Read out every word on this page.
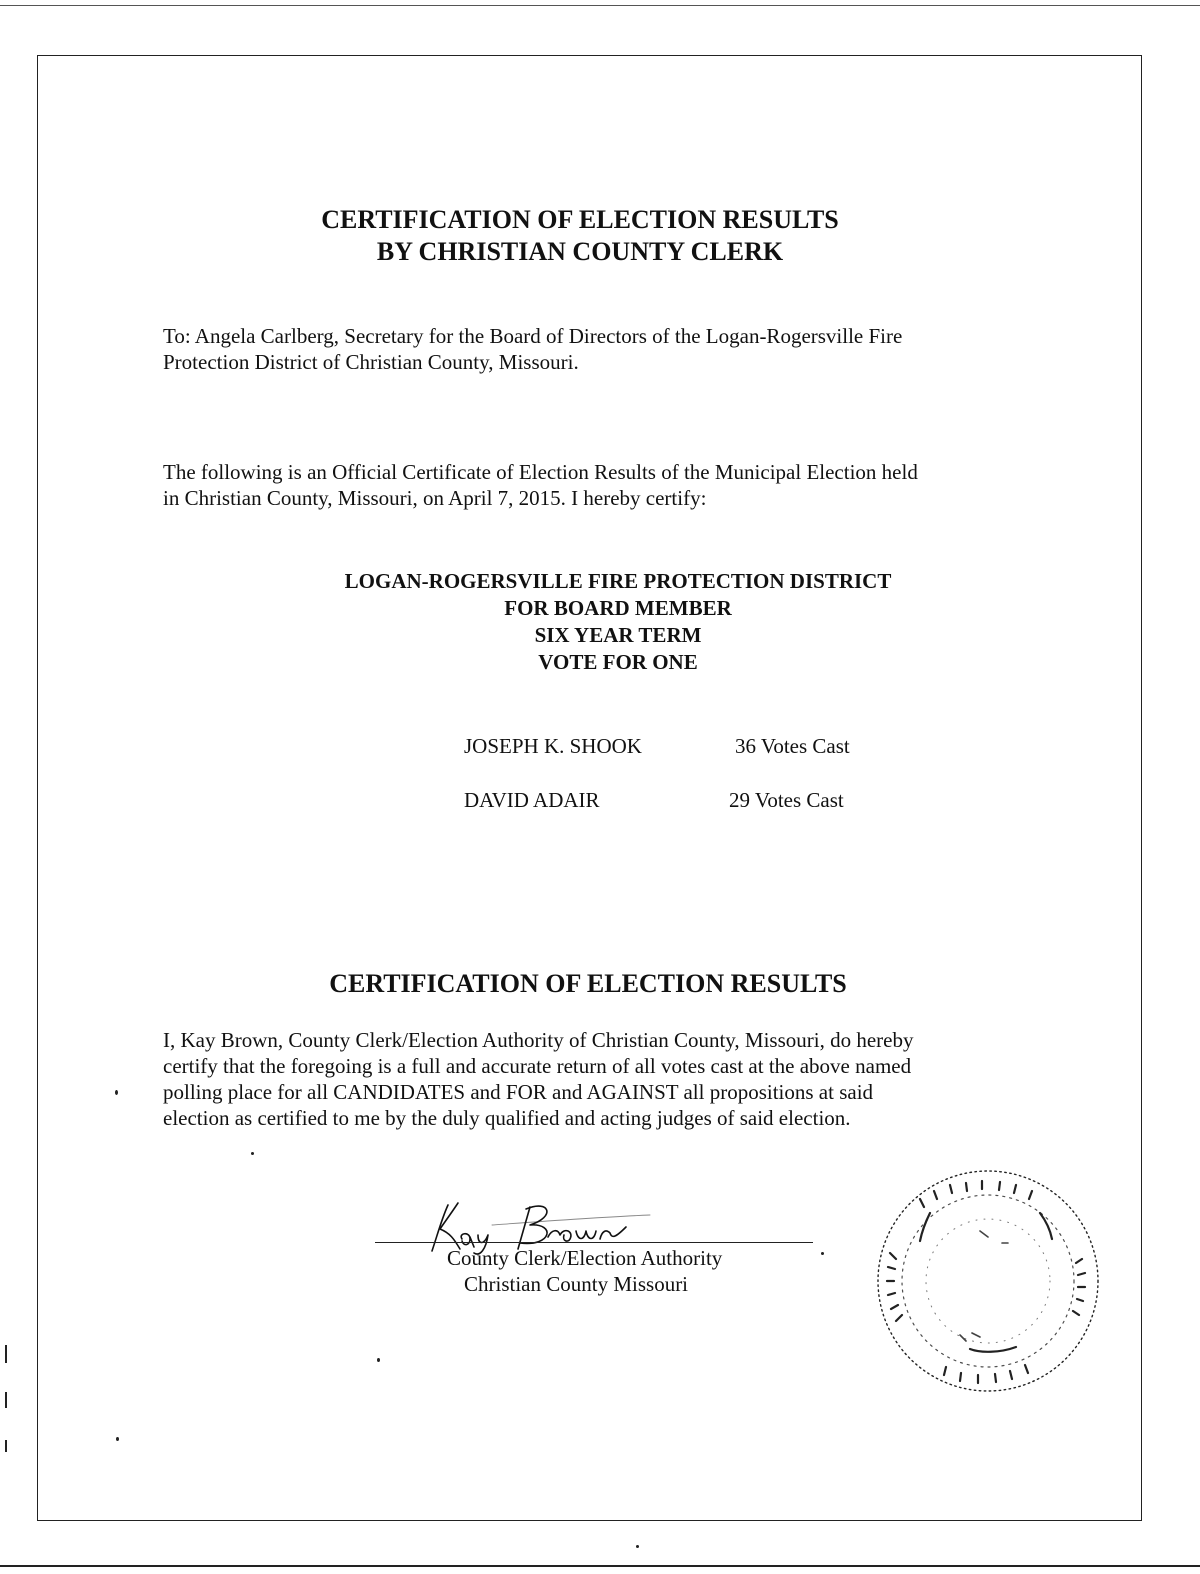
CERTIFICATION OF ELECTION RESULTS
BY CHRISTIAN COUNTY CLERK
To: Angela Carlberg, Secretary for the Board of Directors of the Logan-Rogersville Fire
Protection District of Christian County, Missouri.
The following is an Official Certificate of Election Results of the Municipal Election held
in Christian County, Missouri, on April 7, 2015. I hereby certify:
LOGAN-ROGERSVILLE FIRE PROTECTION DISTRICT
FOR BOARD MEMBER
SIX YEAR TERM
VOTE FOR ONE
JOSEPH K. SHOOK	36 Votes Cast
DAVID ADAIR	29 Votes Cast
CERTIFICATION OF ELECTION RESULTS
I, Kay Brown, County Clerk/Election Authority of Christian County, Missouri, do hereby
certify that the foregoing is a full and accurate return of all votes cast at the above named
polling place for all CANDIDATES and FOR and AGAINST all propositions at said
election as certified to me by the duly qualified and acting judges of said election.
County Clerk/Election Authority
Christian County Missouri
